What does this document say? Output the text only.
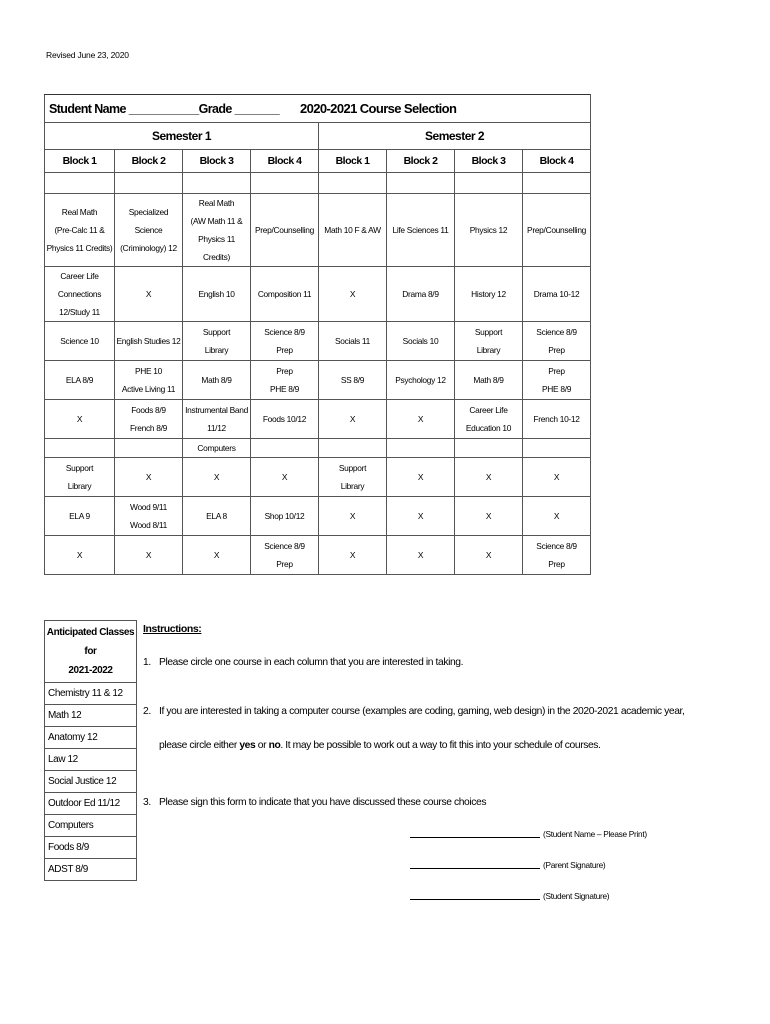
Revised June 23, 2020
Student Name ___________Grade _______ 2020-2021 Course Selection							
Semester 1				Semester 2			
Block 1	Block 2	Block 3	Block 4	Block 1	Block 2	Block 3	Block 4

Real Math
(Pre-Calc 11 &
Physics 11 Credits)	Specialized Science
(Criminology) 12	Real Math
(AW Math 11 &
Physics 11 Credits)	Prep/Counselling	Math 10 F & AW	Life Sciences 11	Physics 12	Prep/Counselling

Career Life
Connections
12/Study 11	X	English 10	Composition 11	X	Drama 8/9	History 12	Drama 10-12

Science 10	English Studies 12	Support
Library	Science 8/9
Prep	Socials 11	Socials 10	Support
Library	Science 8/9
Prep

ELA 8/9	PHE 10
Active Living 11	Math 8/9	Prep
PHE 8/9	SS 8/9	Psychology 12	Math 8/9	Prep
PHE 8/9

X	Foods 8/9
French 8/9	Instrumental Band
11/12	Foods 10/12	X	X	Career Life
Education 10	French 10-12

		Computers					

Support
Library	X	X	X	Support
Library	X	X	X

ELA 9	Wood 9/11
Wood 8/11	ELA 8	Shop 10/12	X	X	X	X

X	X	X	Science 8/9
Prep	X	X	X	Science 8/9
Prep
Anticipated Classes for
2021-2022

Chemistry 11 & 12
Math 12
Anatomy 12
Law 12
Social Justice 12
Outdoor Ed 11/12
Computers
Foods 8/9
ADST 8/9
Instructions:
1. Please circle one course in each column that you are interested in taking.
2. If you are interested in taking a computer course (examples are coding, gaming, web design) in the 2020-2021 academic year,
please circle either yes or no. It may be possible to work out a way to fit this into your schedule of courses.
3. Please sign this form to indicate that you have discussed these course choices
(Student Name – Please Print)
(Parent Signature)
(Student Signature)
